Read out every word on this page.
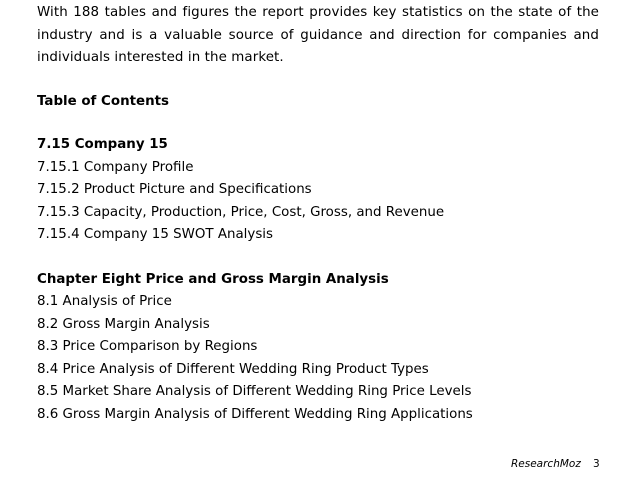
With 188 tables and figures the report provides key statistics on the state of the industry and is a valuable source of guidance and direction for companies and individuals interested in the market.

Table of Contents
7.15 Company 15
7.15.1 Company Profile
7.15.2 Product Picture and Specifications
7.15.3 Capacity, Production, Price, Cost, Gross, and Revenue
7.15.4 Company 15 SWOT Analysis
Chapter Eight Price and Gross Margin Analysis
8.1 Analysis of Price
8.2 Gross Margin Analysis
8.3 Price Comparison by Regions
8.4 Price Analysis of Different Wedding Ring Product Types
8.5 Market Share Analysis of Different Wedding Ring Price Levels
8.6 Gross Margin Analysis of Different Wedding Ring Applications
ResearchMoz 3
